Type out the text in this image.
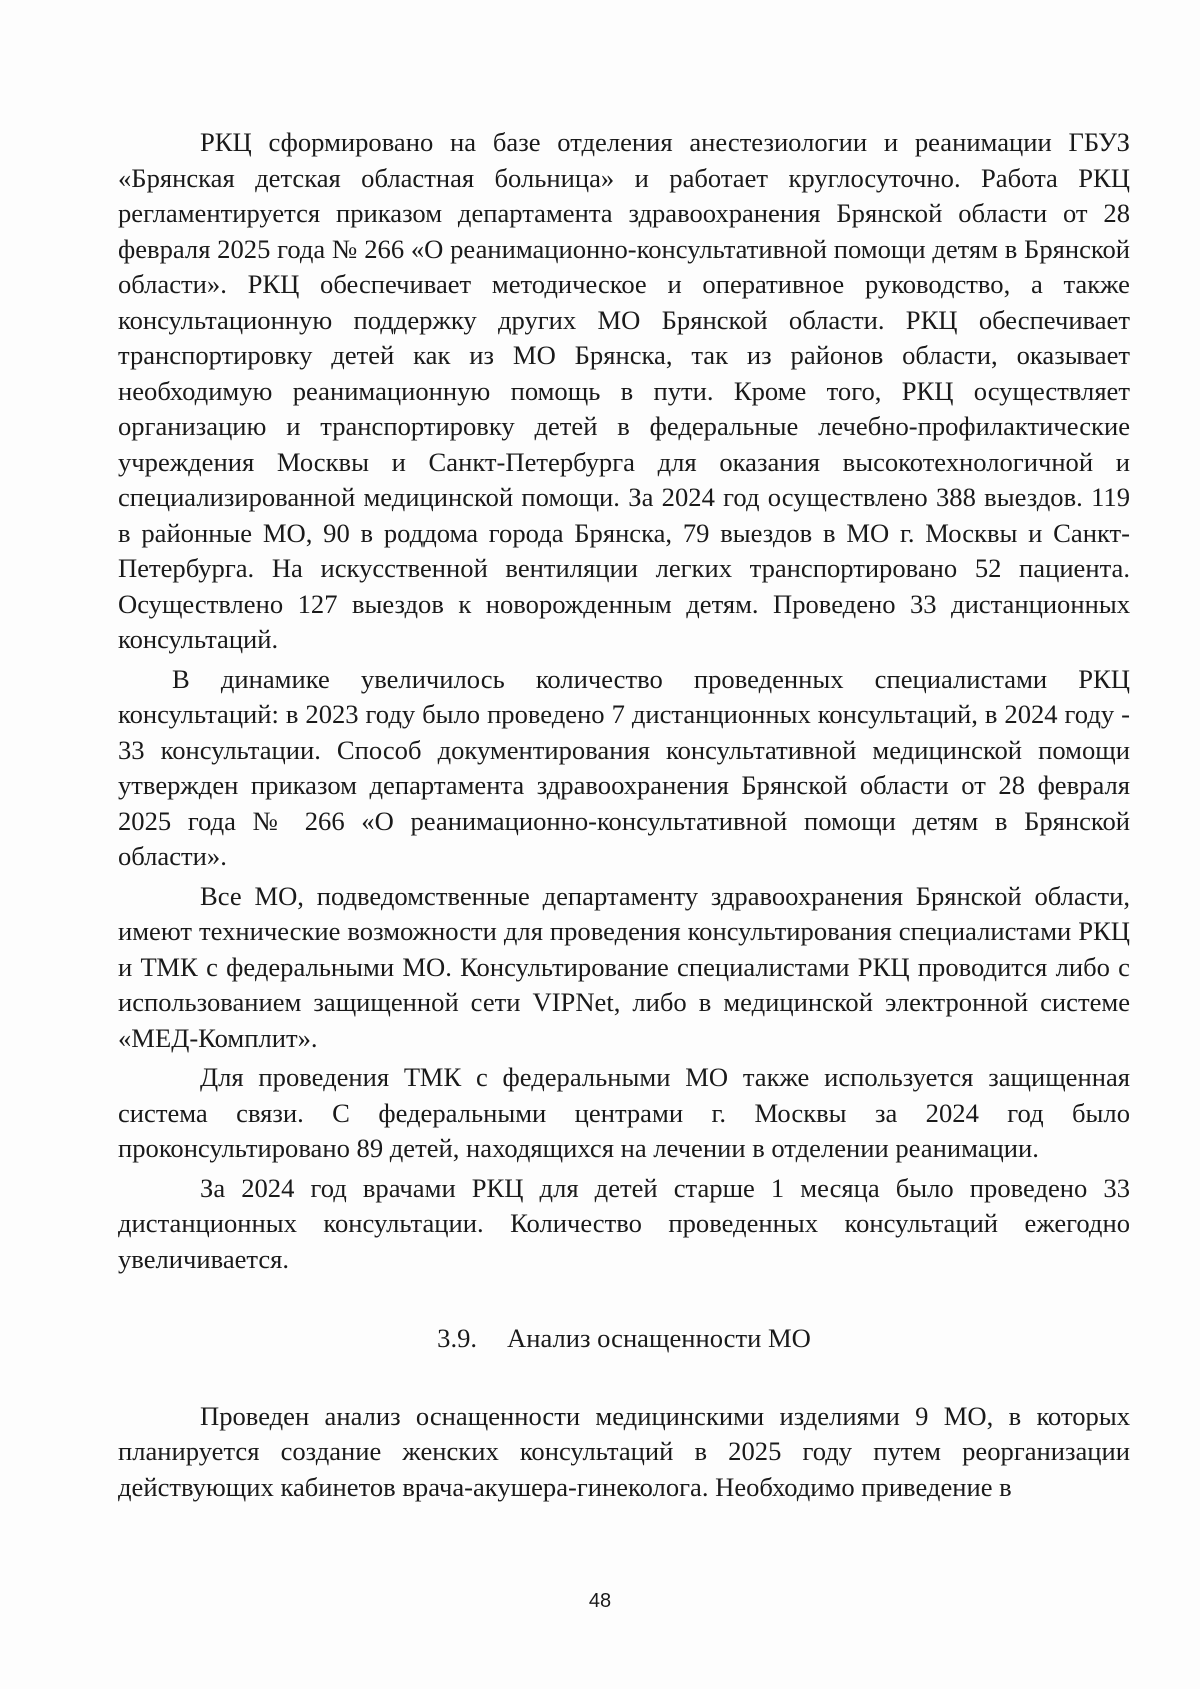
РКЦ сформировано на базе отделения анестезиологии и реанимации ГБУЗ «Брянская детская областная больница» и работает круглосуточно. Работа РКЦ регламентируется приказом департамента здравоохранения Брянской области от 28 февраля 2025 года № 266 «О реанимационно-консультативной помощи детям в Брянской области». РКЦ обеспечивает методическое и оперативное руководство, а также консультационную поддержку других МО Брянской области. РКЦ обеспечивает транспортировку детей как из МО Брянска, так из районов области, оказывает необходимую реанимационную помощь в пути. Кроме того, РКЦ осуществляет организацию и транспортировку детей в федеральные лечебно-профилактические учреждения Москвы и Санкт-Петербурга для оказания высокотехнологичной и специализированной медицинской помощи. За 2024 год осуществлено 388 выездов. 119 в районные МО, 90 в роддома города Брянска, 79 выездов в МО г. Москвы и Санкт-Петербурга. На искусственной вентиляции легких транспортировано 52 пациента. Осуществлено 127 выездов к новорожденным детям. Проведено 33 дистанционных консультаций.

В динамике увеличилось количество проведенных специалистами РКЦ консультаций: в 2023 году было проведено 7 дистанционных консультаций, в 2024 году - 33 консультации. Способ документирования консультативной медицинской помощи утвержден приказом департамента здравоохранения Брянской области от 28 февраля 2025 года № 266 «О реанимационно-консультативной помощи детям в Брянской области».

Все МО, подведомственные департаменту здравоохранения Брянской области, имеют технические возможности для проведения консультирования специалистами РКЦ и ТМК с федеральными МО. Консультирование специалистами РКЦ проводится либо с использованием защищенной сети VIPNet, либо в медицинской электронной системе «МЕД-Комплит».

Для проведения ТМК с федеральными МО также используется защищенная система связи. С федеральными центрами г. Москвы за 2024 год было проконсультировано 89 детей, находящихся на лечении в отделении реанимации.

За 2024 год врачами РКЦ для детей старше 1 месяца было проведено 33 дистанционных консультации. Количество проведенных консультаций ежегодно увеличивается.

3.9. Анализ оснащенности МО

Проведен анализ оснащенности медицинскими изделиями 9 МО, в которых планируется создание женских консультаций в 2025 году путем реорганизации действующих кабинетов врача-акушера-гинеколога. Необходимо приведение в

48
